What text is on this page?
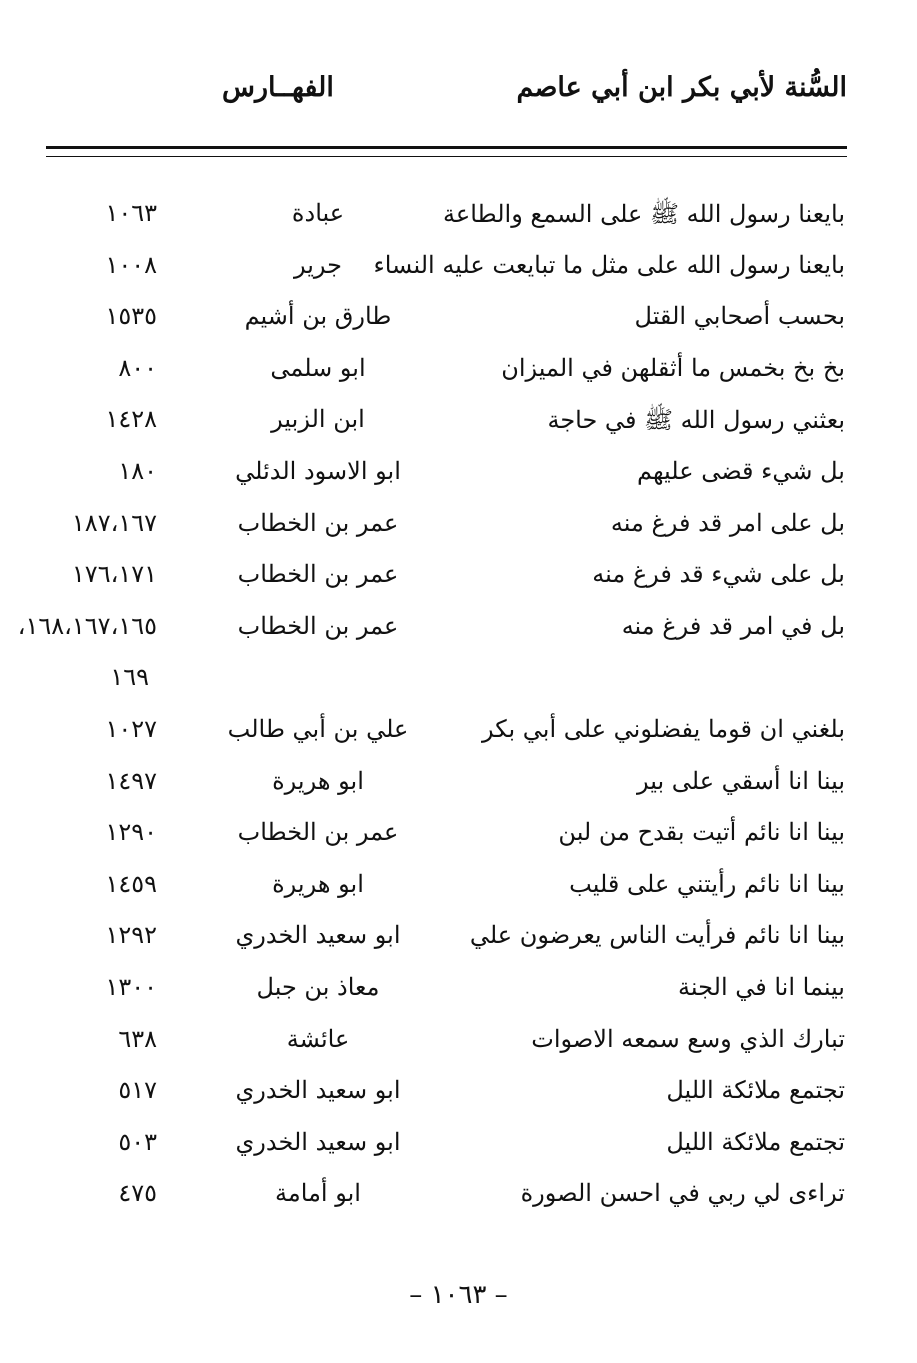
السُّنة لأبي بكر ابن أبي عاصم
الفهــارس
بايعنا رسول الله ﷺ على السمع والطاعة
عبادة
١٠٦٣
بايعنا رسول الله على مثل ما تبايعت عليه النساء
جرير
١٠٠٨
بحسب أصحابي القتل
طارق بن أشيم
١٥٣٥
بخ بخ بخمس ما أثقلهن في الميزان
ابو سلمى
٨٠٠
بعثني رسول الله ﷺ في حاجة
ابن الزبير
١٤٢٨
بل شيء قضى عليهم
ابو الاسود الدئلي
١٨٠
بل على امر قد فرغ منه
عمر بن الخطاب
١٨٧،١٦٧
بل على شيء قد فرغ منه
عمر بن الخطاب
١٧٦،١٧١
بل في امر قد فرغ منه
عمر بن الخطاب
١٦٨،١٦٧،١٦٥،
١٦٩
بلغني ان قوما يفضلوني على أبي بكر
علي بن أبي طالب
١٠٢٧
بينا انا أسقي على بير
ابو هريرة
١٤٩٧
بينا انا نائم أتيت بقدح من لبن
عمر بن الخطاب
١٢٩٠
بينا انا نائم رأيتني على قليب
ابو هريرة
١٤٥٩
بينا انا نائم فرأيت الناس يعرضون علي
ابو سعيد الخدري
١٢٩٢
بينما انا في الجنة
معاذ بن جبل
١٣٠٠
تبارك الذي وسع سمعه الاصوات
عائشة
٦٣٨
تجتمع ملائكة الليل
ابو سعيد الخدري
٥١٧
تجتمع ملائكة الليل
ابو سعيد الخدري
٥٠٣
تراءى لي ربي في احسن الصورة
ابو أمامة
٤٧٥
– ١٠٦٣ –
